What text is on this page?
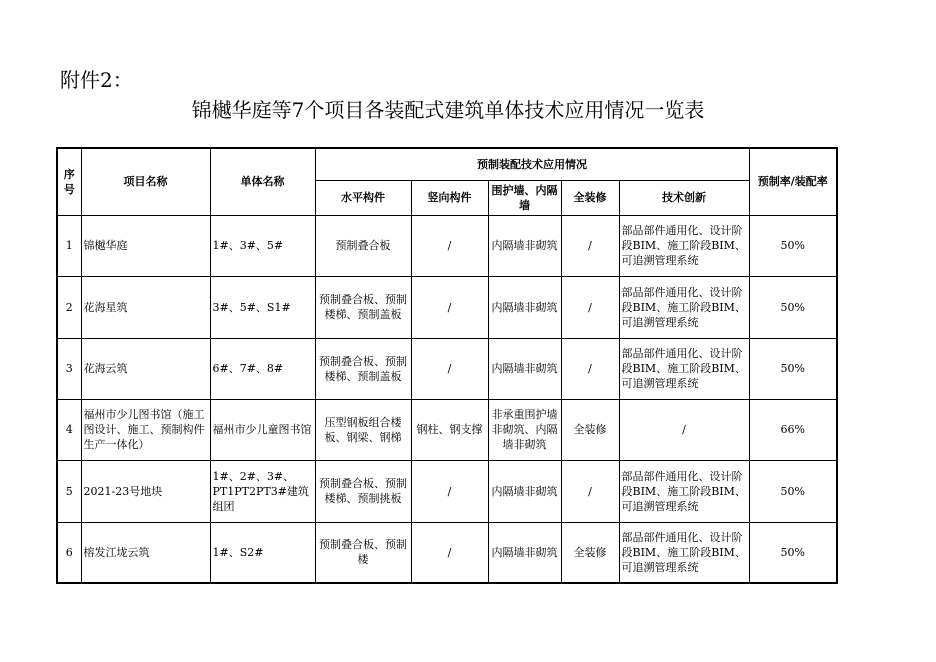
附件2：
锦樾华庭等7个项目各装配式建筑单体技术应用情况一览表
序号	项目名称	单体名称	预制装配技术应用情况					预制率/装配率
			水平构件	竖向构件	围护墙、内隔墙	全装修	技术创新	
1	锦樾华庭	1#、3#、5#	预制叠合板	/	内隔墙非砌筑	/	部品部件通用化、设计阶段BIM、施工阶段BIM、可追溯管理系统	50%
2	花海星筑	3#、5#、S1#	预制叠合板、预制楼梯、预制盖板	/	内隔墙非砌筑	/	部品部件通用化、设计阶段BIM、施工阶段BIM、可追溯管理系统	50%
3	花海云筑	6#、7#、8#	预制叠合板、预制楼梯、预制盖板	/	内隔墙非砌筑	/	部品部件通用化、设计阶段BIM、施工阶段BIM、可追溯管理系统	50%
4	福州市少儿图书馆（施工图设计、施工、预制构件生产一体化）	福州市少儿童图书馆	压型钢板组合楼板、钢梁、钢梯	钢柱、钢支撑	非承重围护墙非砌筑、内隔墙非砌筑	全装修	/	66%
5	2021-23号地块	1#、2#、3#、PT1PT2PT3#建筑组团	预制叠合板、预制楼梯、预制挑板	/	内隔墙非砌筑	/	部品部件通用化、设计阶段BIM、施工阶段BIM、可追溯管理系统	50%
6	榕发江垅云筑	1#、S2#	预制叠合板、预制楼	/	内隔墙非砌筑	全装修	部品部件通用化、设计阶段BIM、施工阶段BIM、可追溯管理系统	50%
